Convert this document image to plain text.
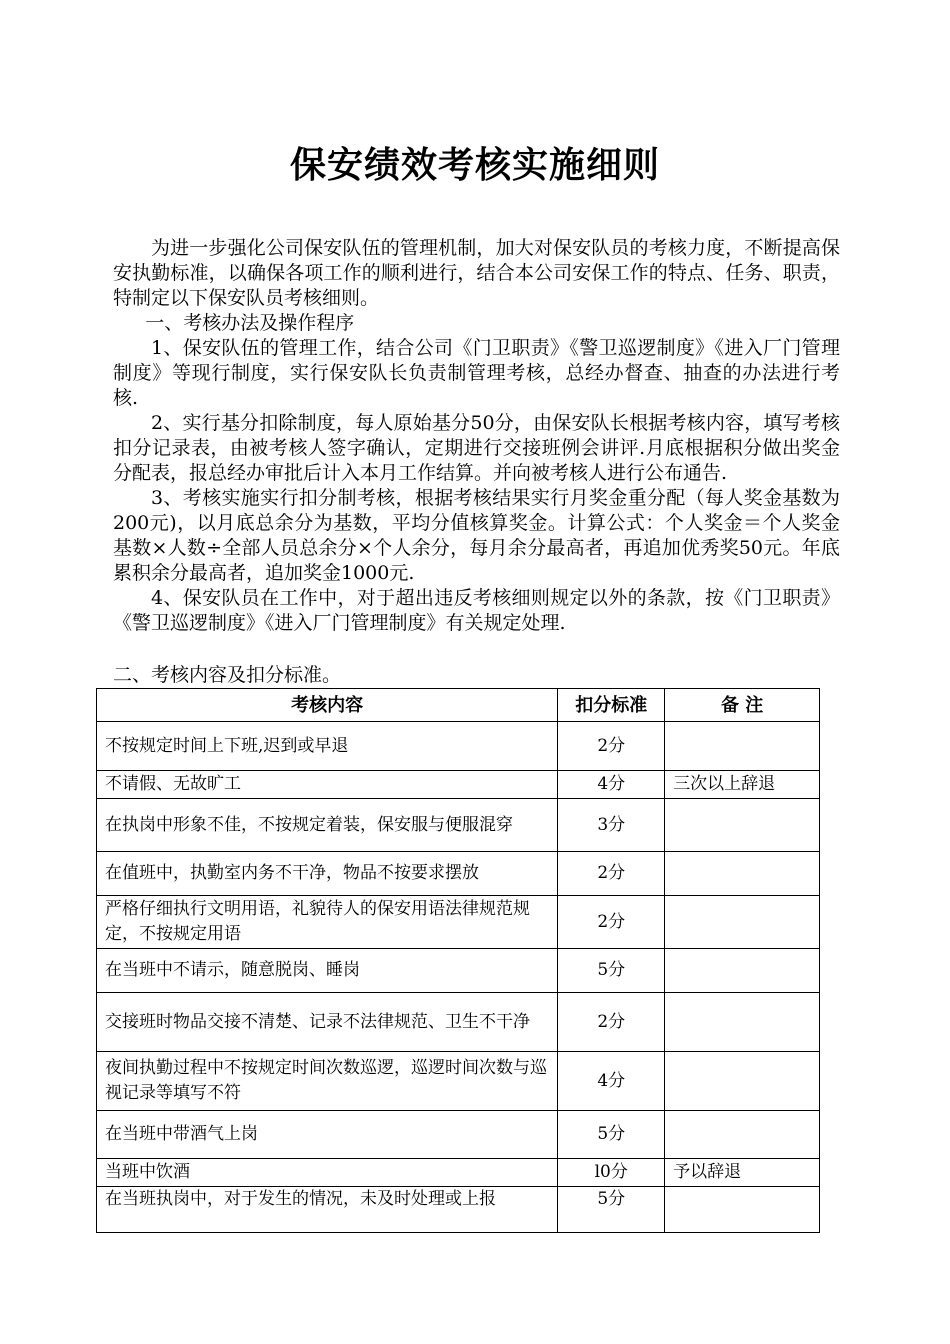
保安绩效考核实施细则

为进一步强化公司保安队伍的管理机制，加大对保安队员的考核力度，不断提高保安执勤标准，以确保各项工作的顺利进行，结合本公司安保工作的特点、任务、职责，特制定以下保安队员考核细则。

一、考核办法及操作程序

1、保安队伍的管理工作，结合公司《门卫职责》《警卫巡逻制度》《进入厂门管理制度》等现行制度，实行保安队长负责制管理考核，总经办督查、抽查的办法进行考核.

2、实行基分扣除制度，每人原始基分50分，由保安队长根据考核内容，填写考核扣分记录表，由被考核人签字确认，定期进行交接班例会讲评.月底根据积分做出奖金分配表，报总经办审批后计入本月工作结算。并向被考核人进行公布通告.

3、考核实施实行扣分制考核，根据考核结果实行月奖金重分配（每人奖金基数为200元)，以月底总余分为基数，平均分值核算奖金。计算公式：个人奖金＝个人奖金基数×人数÷全部人员总余分×个人余分，每月余分最高者，再追加优秀奖50元。年底累积余分最高者，追加奖金1000元.

4、保安队员在工作中，对于超出违反考核细则规定以外的条款，按《门卫职责》《警卫巡逻制度》《进入厂门管理制度》有关规定处理.

二、考核内容及扣分标准。
考核内容	扣分标准	备 注
不按规定时间上下班,迟到或早退	2分	
不请假、无故旷工	4分	三次以上辞退
在执岗中形象不佳，不按规定着装，保安服与便服混穿	3分	
在值班中，执勤室内务不干净，物品不按要求摆放	2分	
严格仔细执行文明用语，礼貌待人的保安用语法律规范规定，不按规定用语	2分	
在当班中不请示，随意脱岗、睡岗	5分	
交接班时物品交接不清楚、记录不法律规范、卫生不干净	2分	
夜间执勤过程中不按规定时间次数巡逻，巡逻时间次数与巡视记录等填写不符	4分	
在当班中带酒气上岗	5分	
当班中饮酒	l0分	予以辞退
在当班执岗中，对于发生的情况，未及时处理或上报	5分	
